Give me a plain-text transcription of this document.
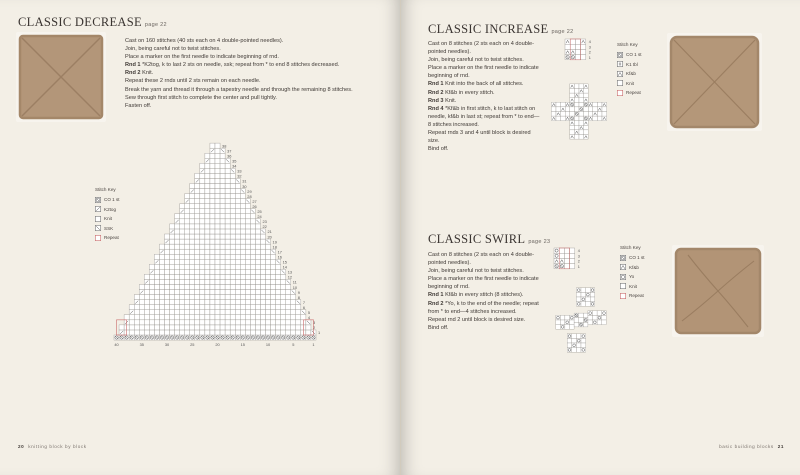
CLASSIC DECREASE page 22

Cast on 160 stitches (40 sts each on 4 double-pointed needles).

Join, being careful not to twist stitches.

Place a marker on the first needle to indicate beginning of rnd.

Rnd 1 *K2tog, k to last 2 sts on needle, ssk; repeat from * to end 8 stitches decreased.

Rnd 2 Knit.

Repeat these 2 rnds until 2 sts remain on each needle.

Break the yarn and thread it through a tapestry needle and through the remaining 8 stitches.

Sew through first stitch to complete the center and pull tightly.

Fasten off.

Stitch Key
CO 1 st
K2tog
Knit
SSK
Repeat
1
2
3
4
5
6
7
8
9
10
11
12
13
14
15
16
17
18
19
20
21
22
23
24
25
26
27
28
29
30
31
32
33
34
35
36
37
38
40	35	30	25	20	15	10	5	1
20 knitting block by block
CLASSIC INCREASE page 22

Cast on 8 stitches (2 sts each on 4 double-pointed needles).

Join, being careful not to twist stitches.

Place a marker on the first needle to indicate beginning of rnd.

Rnd 1 Knit into the back of all stitches.

Rnd 2 Kf&b in every stitch.

Rnd 3 Knit.

Rnd 4 *Kf&b in first stitch, k to last stitch on needle, kf&b in last st; repeat from * to end—8 stitches increased.

Repeat rnds 3 and 4 until block is desired size.

Bind off.

4
3
2
1
Stitch Key
CO 1 st
K1 tbl
Kf&b
Knit
Repeat
CLASSIC SWIRL page 23

Cast on 8 stitches (2 sts each on 4 double-pointed needles).

Join, being careful not to twist stitches.

Place a marker on the first needle to indicate beginning of rnd.

Rnd 1 Kf&b in every stitch (8 stitches).

Rnd 2 *Yo, k to the end of the needle; repeat from * to end—4 stitches increased.

Repeat rnd 2 until block is desired size.

Bind off.

4
3
2
1
Stitch Key
CO 1 st
Kf&b
Yo
Knit
Repeat
basic building blocks 21
